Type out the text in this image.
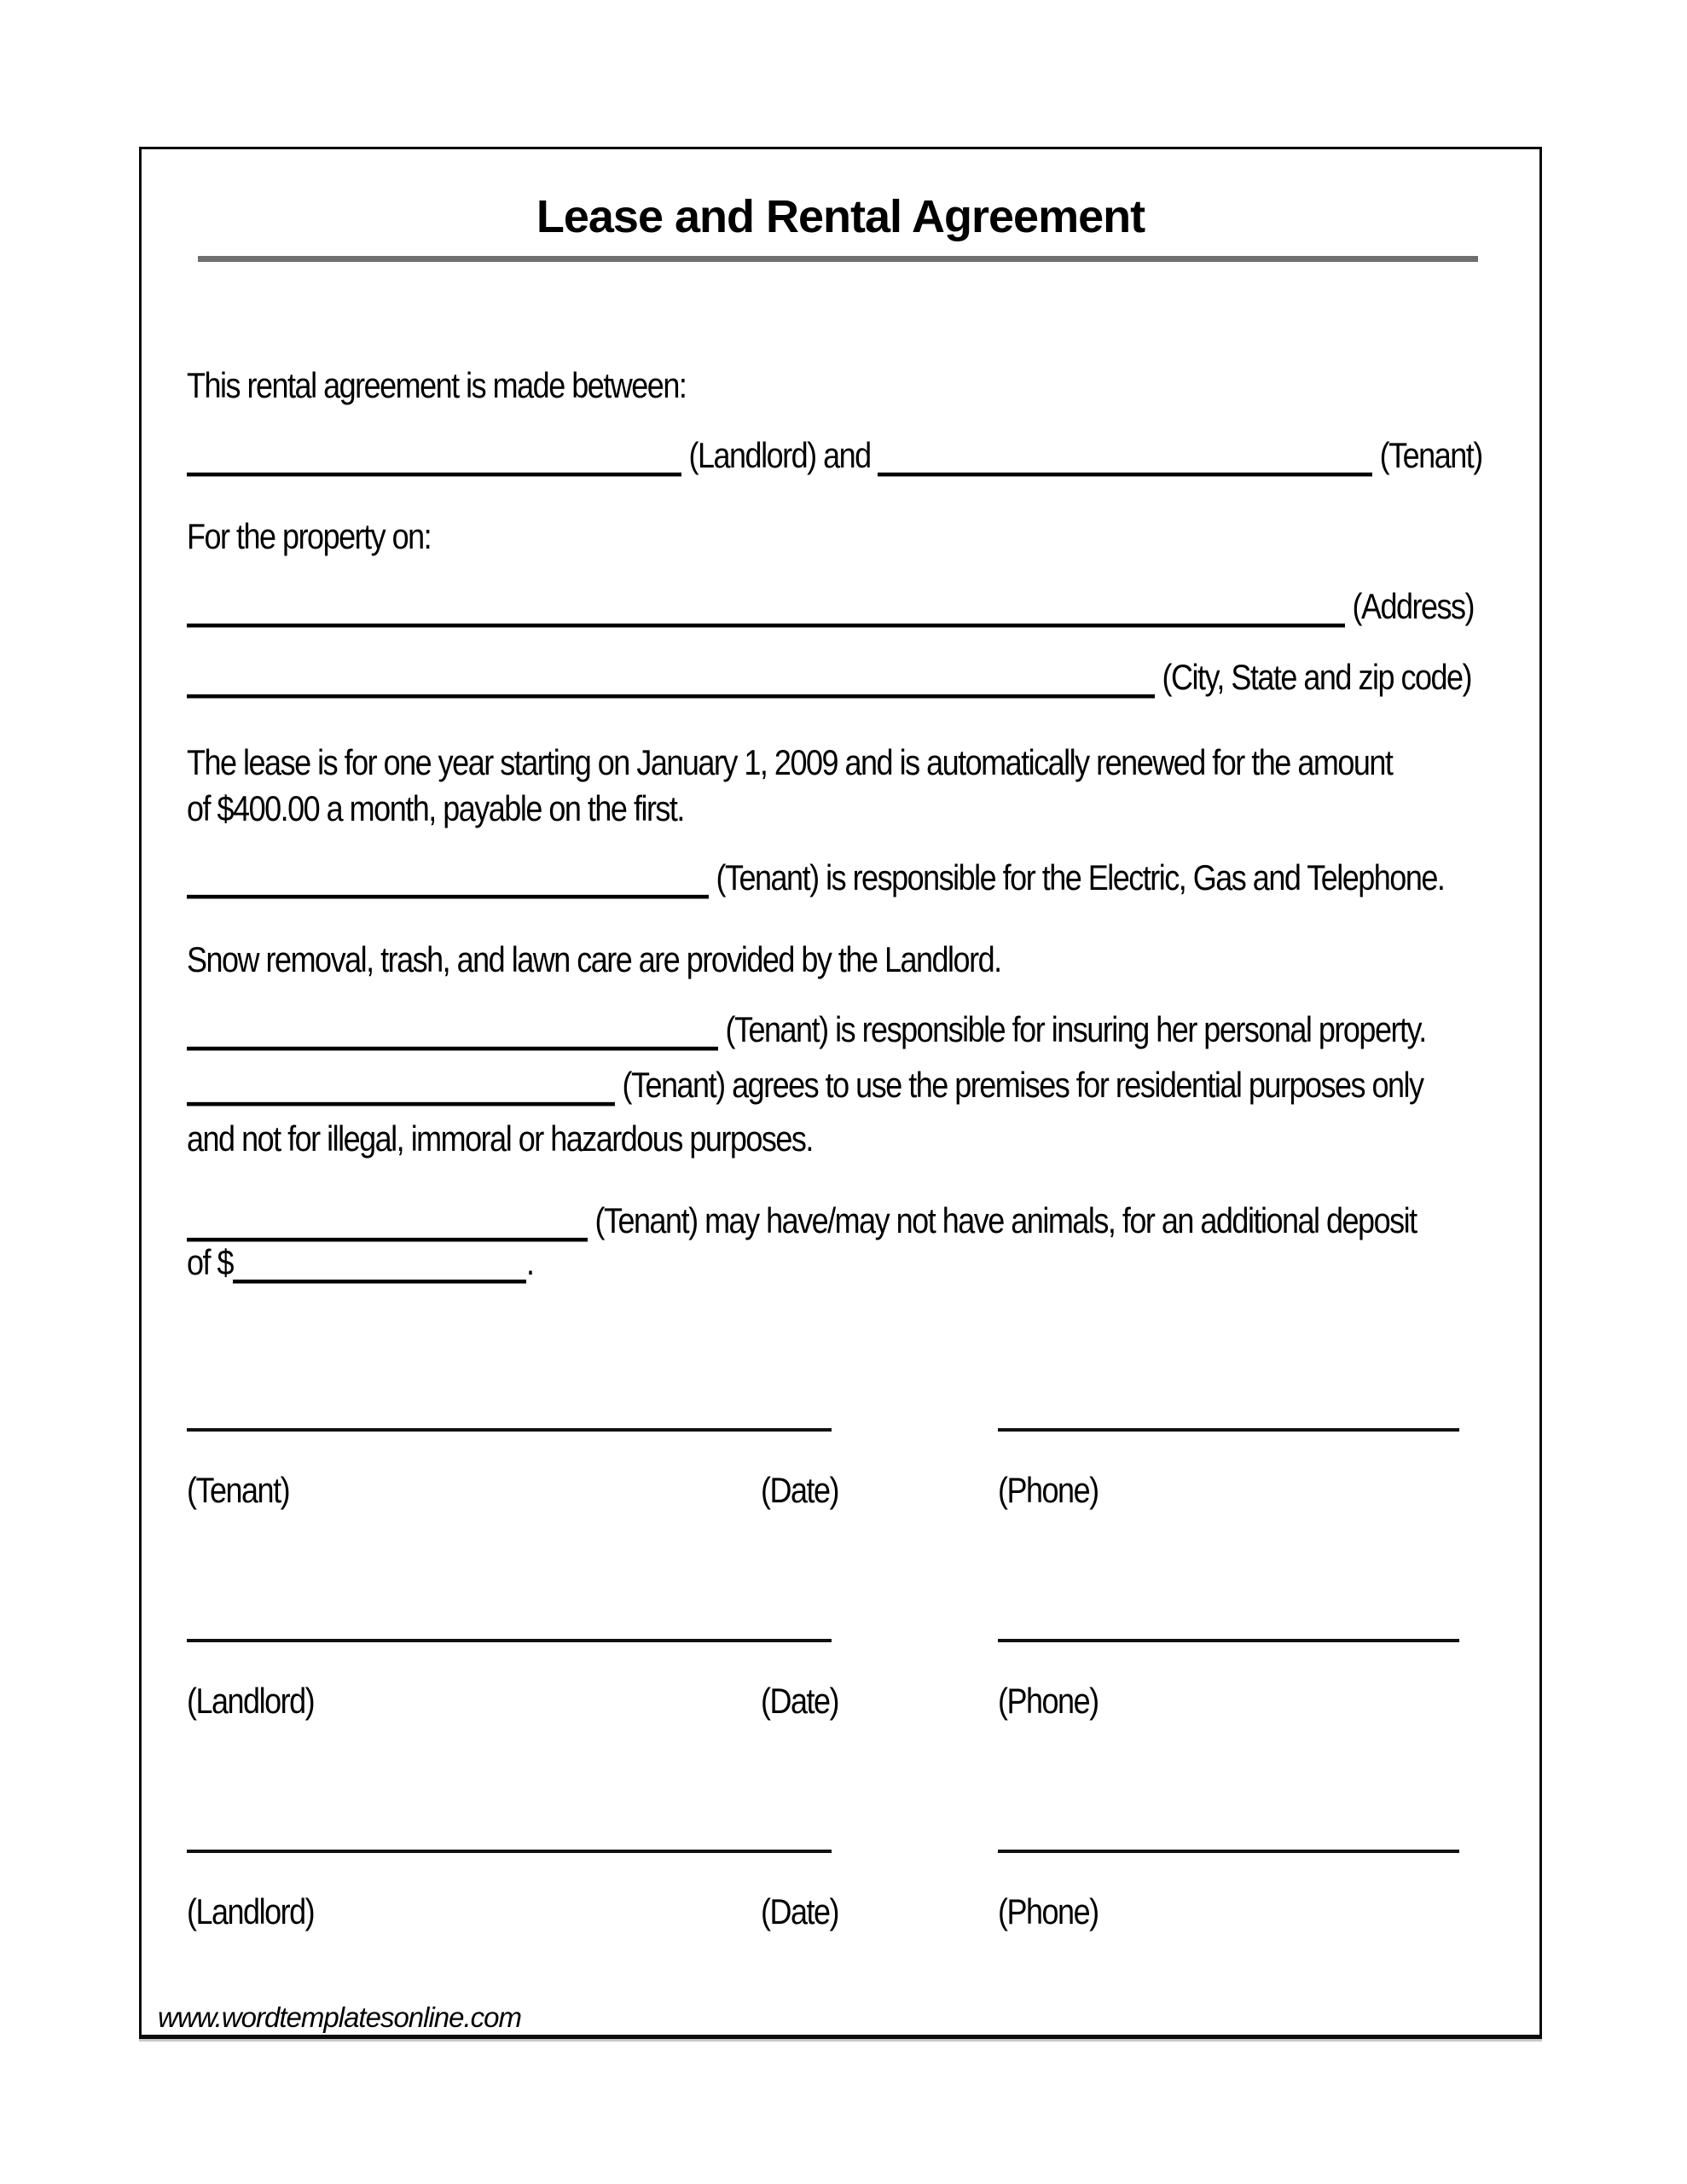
Lease and Rental Agreement
This rental agreement is made between:
(Landlord) and	(Tenant)
For the property on:
(Address)
(City, State and zip code)
The lease is for one year starting on January 1, 2009 and is automatically renewed for the amount
of $400.00 a month, payable on the first.
(Tenant) is responsible for the Electric, Gas and Telephone.
Snow removal, trash, and lawn care are provided by the Landlord.
(Tenant) is responsible for insuring her personal property.
(Tenant) agrees to use the premises for residential purposes only
and not for illegal, immoral or hazardous purposes.
(Tenant) may have/may not have animals, for an additional deposit
of $	.
(Tenant)	(Date)	(Phone)
(Landlord)	(Date)	(Phone)
(Landlord)	(Date)	(Phone)
www.wordtemplatesonline.com
